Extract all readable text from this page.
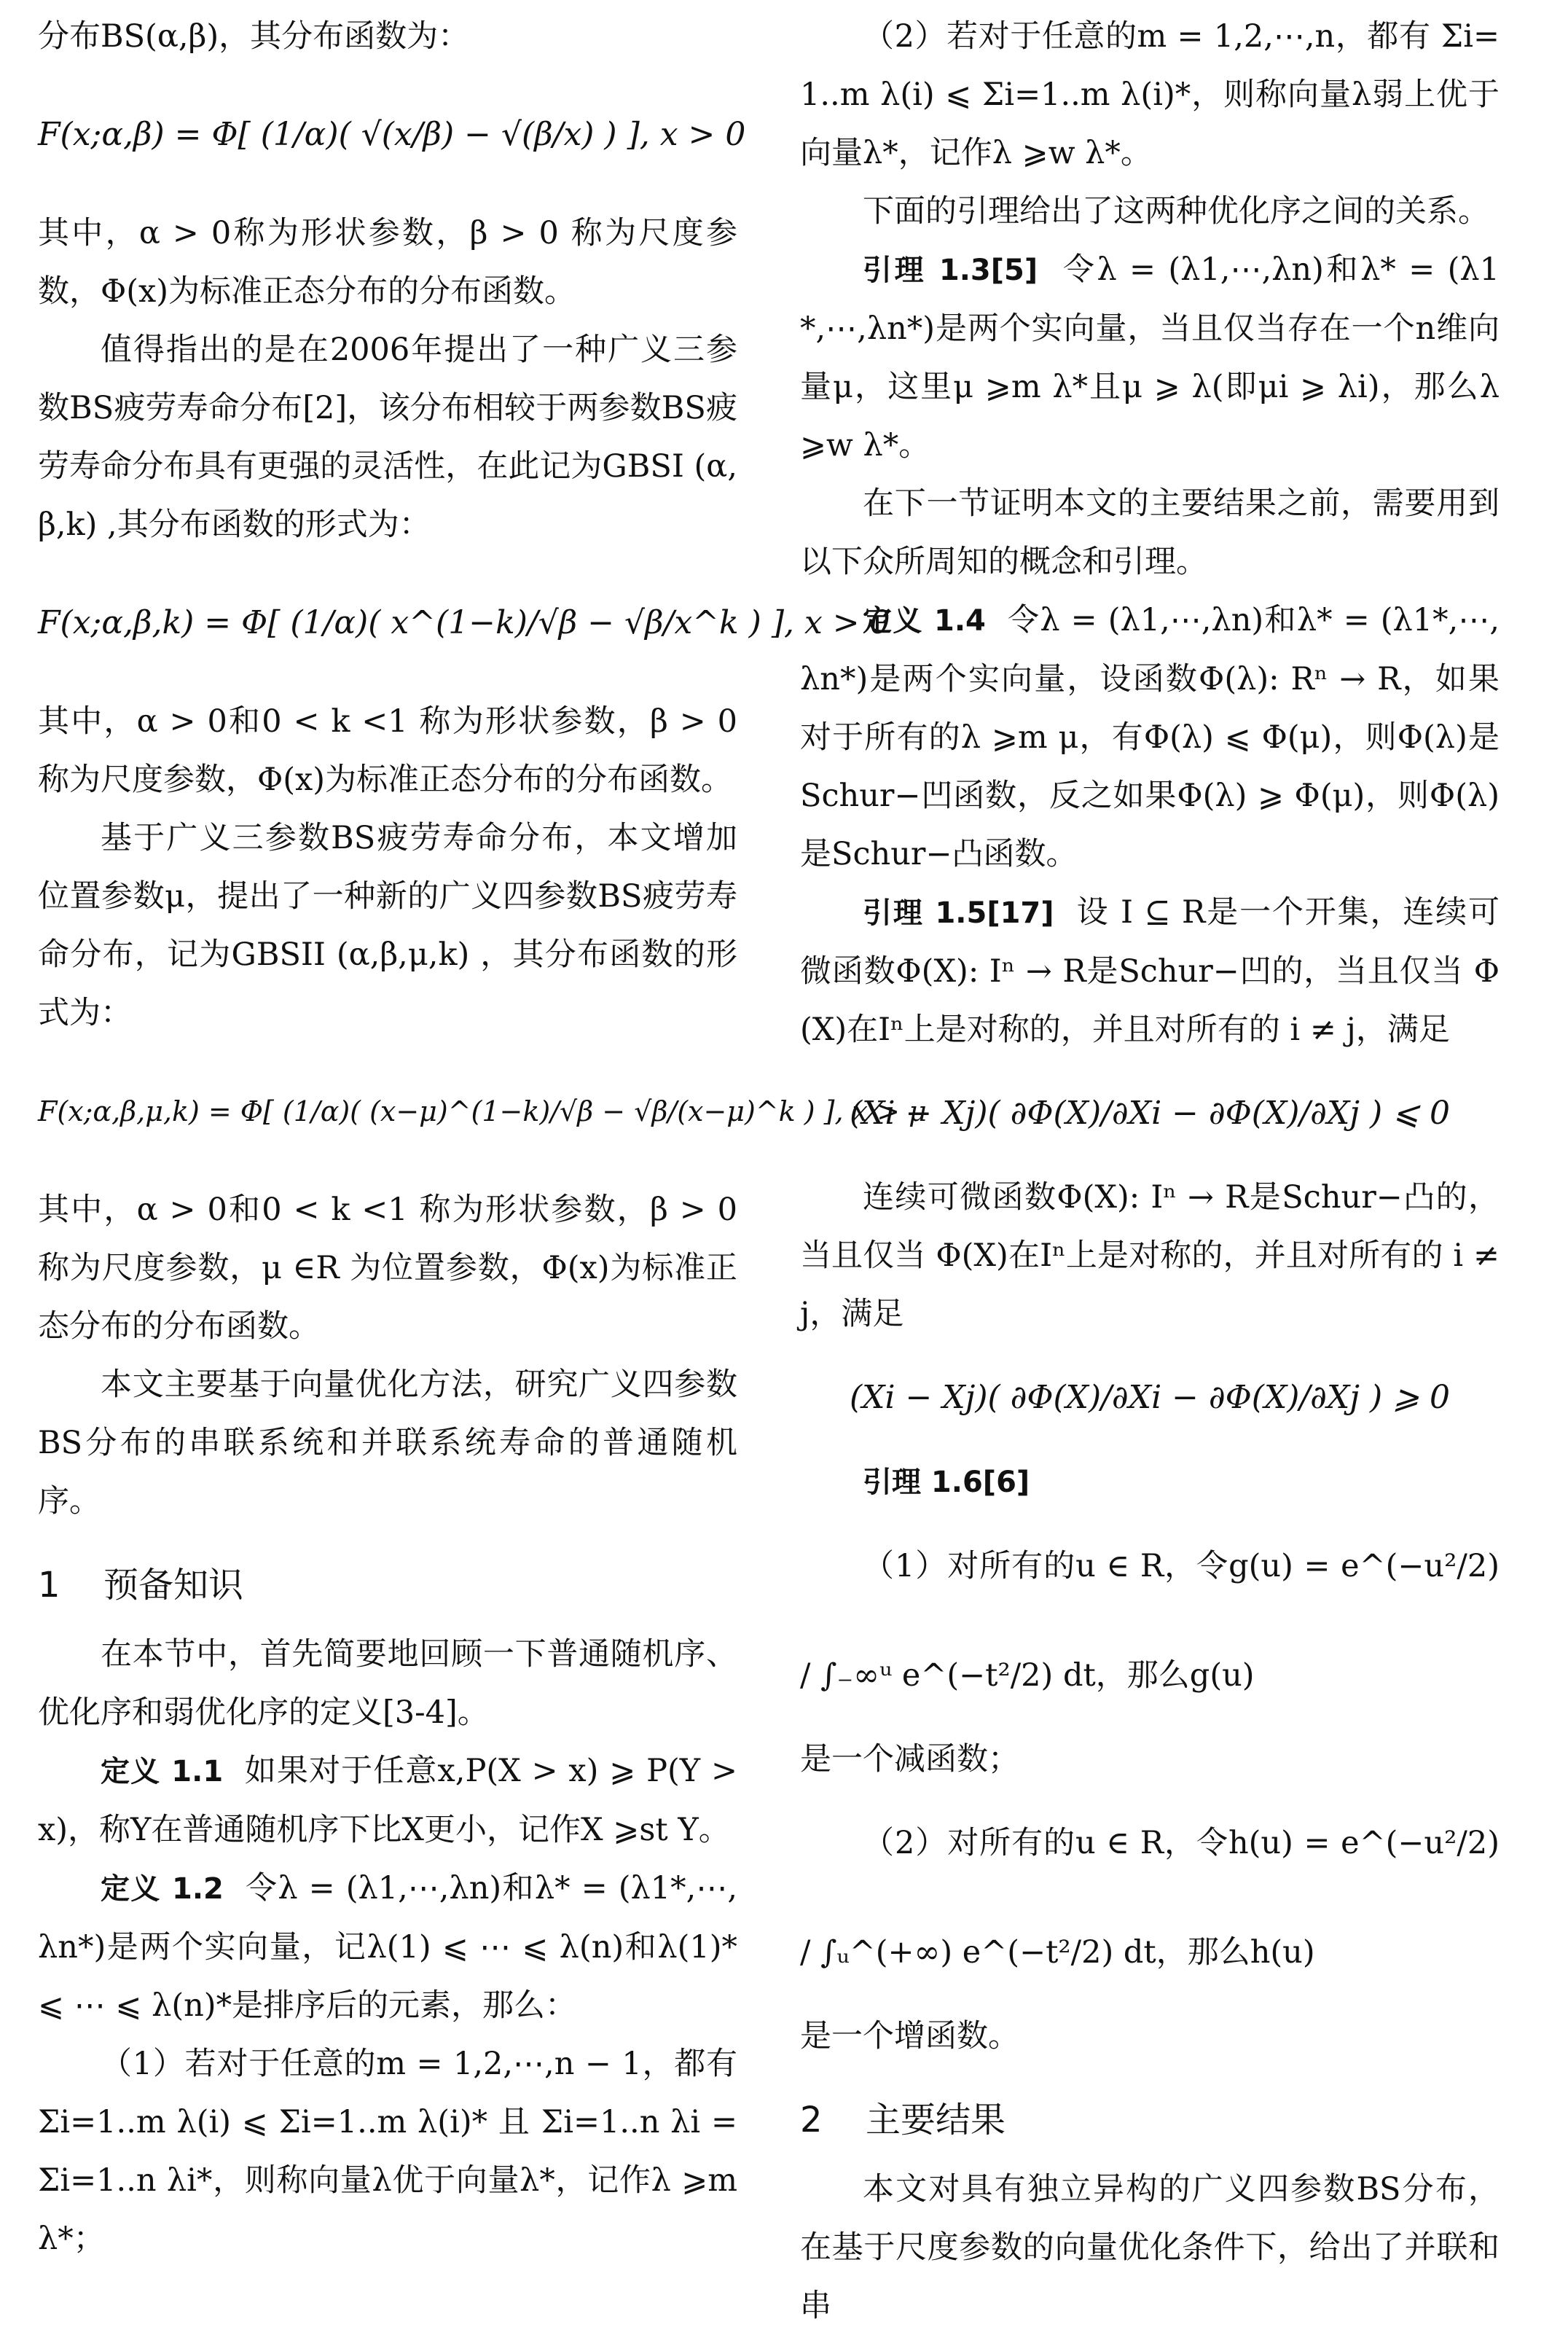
分布BS(α,β)，其分布函数为：

F(x;α,β) = Φ[ (1/α)( √(x/β) − √(β/x) ) ], x > 0

其中，α > 0称为形状参数，β > 0 称为尺度参数，Φ(x)为标准正态分布的分布函数。

值得指出的是在2006年提出了一种广义三参数BS疲劳寿命分布[2]，该分布相较于两参数BS疲劳寿命分布具有更强的灵活性，在此记为GBSI (α,β,k) ,其分布函数的形式为：

F(x;α,β,k) = Φ[ (1/α)( x^(1−k)/√β − √β/x^k ) ], x > 0

其中，α > 0和0 < k <1 称为形状参数，β > 0 称为尺度参数，Φ(x)为标准正态分布的分布函数。

基于广义三参数BS疲劳寿命分布，本文增加位置参数μ，提出了一种新的广义四参数BS疲劳寿命分布，记为GBSII (α,β,μ,k) ，其分布函数的形式为：

F(x;α,β,μ,k) = Φ[ (1/α)( (x−μ)^(1−k)/√β − √β/(x−μ)^k ) ], x > μ

其中，α > 0和0 < k <1 称为形状参数，β > 0 称为尺度参数，μ ∈R 为位置参数，Φ(x)为标准正态分布的分布函数。

本文主要基于向量优化方法，研究广义四参数BS分布的串联系统和并联系统寿命的普通随机序。

1 预备知识

在本节中，首先简要地回顾一下普通随机序、优化序和弱优化序的定义[3-4]。

定义 1.1 如果对于任意x,P(X > x) ⩾ P(Y > x)，称Y在普通随机序下比X更小，记作X ⩾st Y。

定义 1.2 令λ = (λ1,⋯,λn)和λ* = (λ1*,⋯,λn*)是两个实向量，记λ(1) ⩽ ⋯ ⩽ λ(n)和λ(1)* ⩽ ⋯ ⩽ λ(n)*是排序后的元素，那么：

（1）若对于任意的m = 1,2,⋯,n − 1，都有 Σi=1..m λ(i) ⩽ Σi=1..m λ(i)* 且 Σi=1..n λi = Σi=1..n λi*，则称向量λ优于向量λ*，记作λ ⩾m λ*；

（2）若对于任意的m = 1,2,⋯,n，都有 Σi=1..m λ(i) ⩽ Σi=1..m λ(i)*，则称向量λ弱上优于向量λ*，记作λ ⩾w λ*。

下面的引理给出了这两种优化序之间的关系。

引理 1.3[5] 令λ = (λ1,⋯,λn)和λ* = (λ1*,⋯,λn*)是两个实向量，当且仅当存在一个n维向量μ，这里μ ⩾m λ*且μ ⩾ λ(即μi ⩾ λi)，那么λ ⩾w λ*。

在下一节证明本文的主要结果之前，需要用到以下众所周知的概念和引理。

定义 1.4 令λ = (λ1,⋯,λn)和λ* = (λ1*,⋯,λn*)是两个实向量，设函数Φ(λ): Rⁿ → R，如果对于所有的λ ⩾m μ，有Φ(λ) ⩽ Φ(μ)，则Φ(λ)是Schur−凹函数，反之如果Φ(λ) ⩾ Φ(μ)，则Φ(λ)是Schur−凸函数。

引理 1.5[17] 设 I ⊆ R是一个开集，连续可微函数Φ(X): Iⁿ → R是Schur−凹的，当且仅当 Φ(X)在Iⁿ上是对称的，并且对所有的 i ≠ j，满足

(Xi − Xj)( ∂Φ(X)/∂Xi − ∂Φ(X)/∂Xj ) ⩽ 0

连续可微函数Φ(X): Iⁿ → R是Schur−凸的，当且仅当 Φ(X)在Iⁿ上是对称的，并且对所有的 i ≠ j，满足

(Xi − Xj)( ∂Φ(X)/∂Xi − ∂Φ(X)/∂Xj ) ⩾ 0

引理 1.6[6]

（1）对所有的u ∈ R，令g(u) = e^(−u²/2) / ∫₋∞ᵘ e^(−t²/2) dt，那么g(u)

是一个减函数；

（2）对所有的u ∈ R，令h(u) = e^(−u²/2) / ∫ᵤ^(+∞) e^(−t²/2) dt，那么h(u)

是一个增函数。

2 主要结果

本文对具有独立异构的广义四参数BS分布，在基于尺度参数的向量优化条件下，给出了并联和串
